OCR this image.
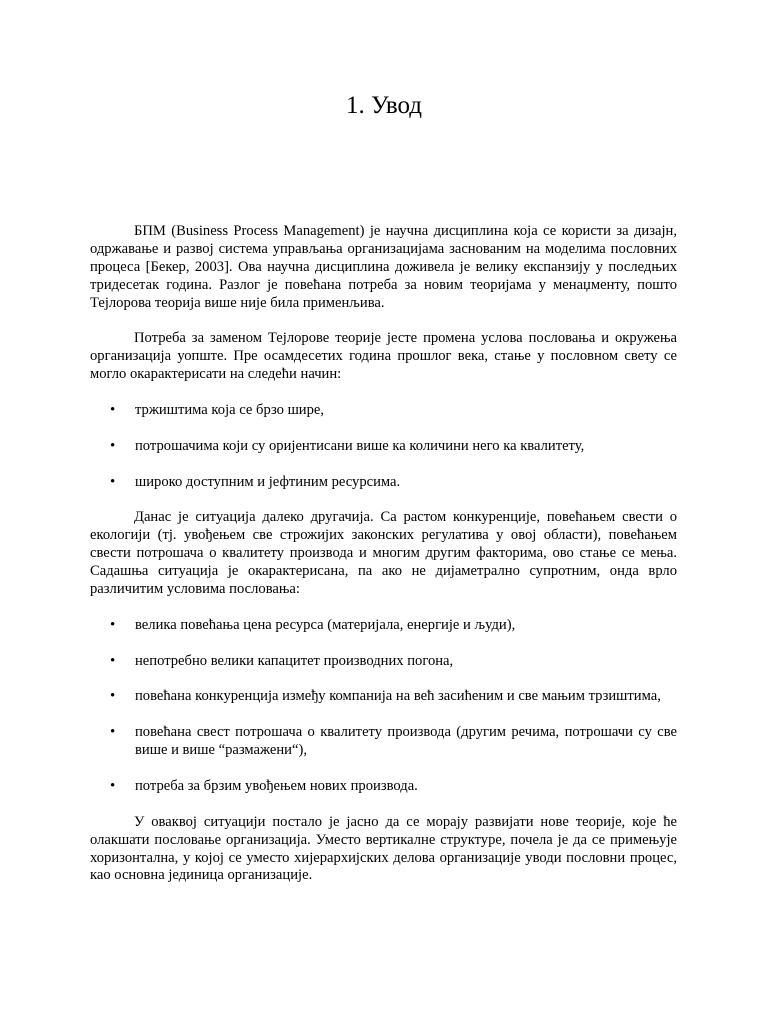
1. Увод

БПМ (Business Process Management) је научна дисциплина која се користи за дизајн, одржавање и развој система управљања организацијама заснованим на моделима пословних процеса [Бекер, 2003]. Ова научна дисциплина доживела је велику експанзију у последњих тридесетак година. Разлог је повећана потреба за новим теоријама у менаџменту, пошто Тејлорова теорија више није била применљива.

Потреба за заменом Тејлорове теорије јесте промена услова пословања и окружења организација уопште. Пре осамдесетих година прошлог века, стање у пословном свету се могло окарактерисати на следећи начин:

• тржиштима која се брзо шире,
• потрошачима који су оријентисани више ка количини него ка квалитету,
• широко доступним и јефтиним ресурсима.

Данас је ситуација далеко другачија. Са растом конкуренције, повећањем свести о екологији (тј. увођењем све строжијих законских регулатива у овој области), повећањем свести потрошача о квалитету производа и многим другим факторима, ово стање се мења. Садашња ситуација је окарактерисана, па ако не дијаметрално супротним, онда врло различитим условима пословања:

• велика повећања цена ресурса (материјала, енергије и људи),
• непотребно велики капацитет производних погона,
• повећана конкуренција између компанија на већ засићеним и све мањим трзиштима,
• повећана свест потрошача о квалитету производа (другим речима, потрошачи су све више и више “размажени“),
• потреба за брзим увођењем нових производа.

У оваквој ситуацији постало је јасно да се морају развијати нове теорије, које ће олакшати пословање организација. Уместо вертикалне структуре, почела је да се примењује хоризонтална, у којој се уместо хијерархијских делова организације уводи пословни процес, као основна јединица организације.
